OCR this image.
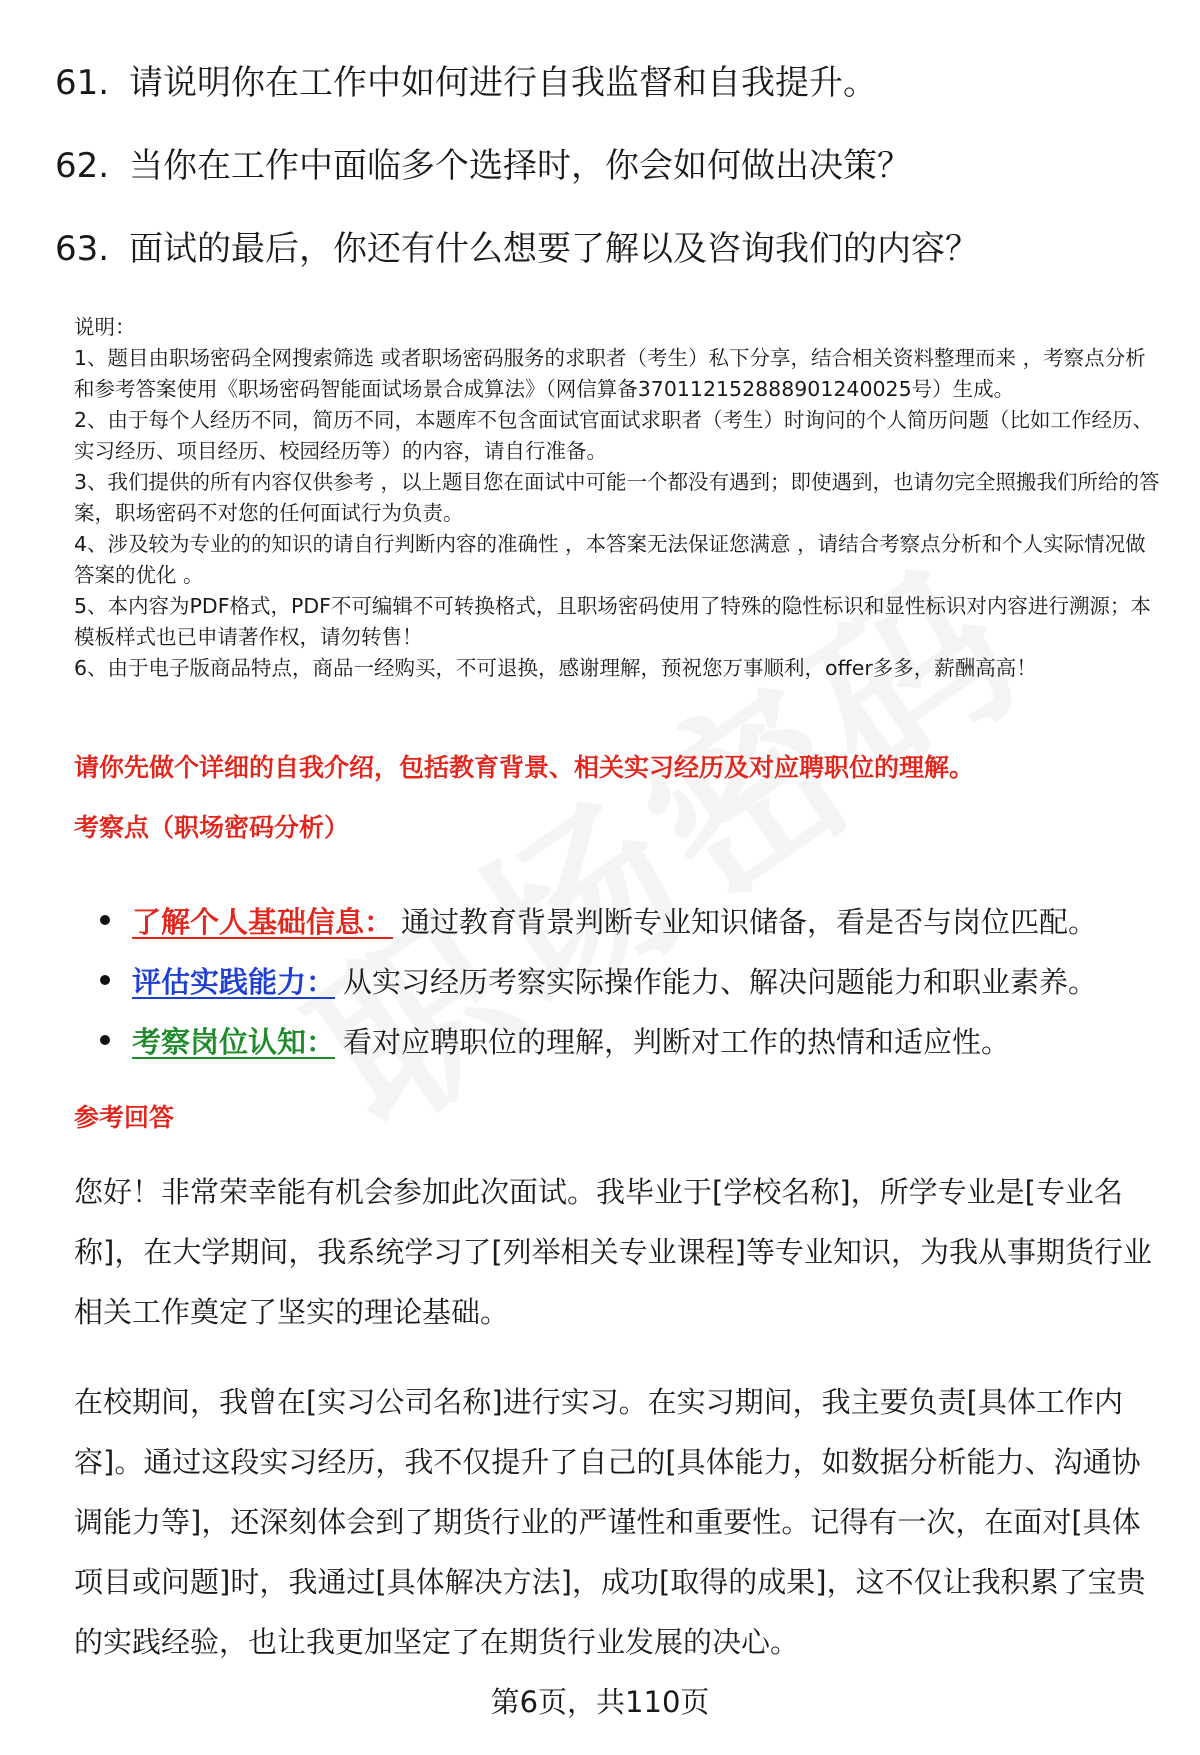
61. 请说明你在工作中如何进行自我监督和自我提升。
62. 当你在工作中面临多个选择时，你会如何做出决策？
63. 面试的最后，你还有什么想要了解以及咨询我们的内容？

说明：

1、题目由职场密码全网搜索筛选 或者职场密码服务的求职者（考生）私下分享，结合相关资料整理而来 ，考察点分析和参考答案使用《职场密码智能面试场景合成算法》（网信算备370112152888901240025号）生成。

2、由于每个人经历不同，简历不同，本题库不包含面试官面试求职者（考生）时询问的个人简历问题（比如工作经历、实习经历、项目经历、校园经历等）的内容，请自行准备。

3、我们提供的所有内容仅供参考 ，以上题目您在面试中可能一个都没有遇到；即使遇到，也请勿完全照搬我们所给的答案，职场密码不对您的任何面试行为负责。

4、涉及较为专业的的知识的请自行判断内容的准确性 ，本答案无法保证您满意 ，请结合考察点分析和个人实际情况做答案的优化 。

5、本内容为PDF格式，PDF不可编辑不可转换格式，且职场密码使用了特殊的隐性标识和显性标识对内容进行溯源；本模板样式也已申请著作权，请勿转售！

6、由于电子版商品特点，商品一经购买，不可退换，感谢理解，预祝您万事顺利，offer多多，薪酬高高！

请你先做个详细的自我介绍，包括教育背景、相关实习经历及对应聘职位的理解。
考察点（职场密码分析）
了解个人基础信息： 通过教育背景判断专业知识储备，看是否与岗位匹配。
评估实践能力： 从实习经历考察实际操作能力、解决问题能力和职业素养。
考察岗位认知： 看对应聘职位的理解，判断对工作的热情和适应性。
参考回答

您好！非常荣幸能有机会参加此次面试。我毕业于[学校名称]，所学专业是[专业名称]，在大学期间，我系统学习了[列举相关专业课程]等专业知识，为我从事期货行业相关工作奠定了坚实的理论基础。

在校期间，我曾在[实习公司名称]进行实习。在实习期间，我主要负责[具体工作内容]。通过这段实习经历，我不仅提升了自己的[具体能力，如数据分析能力、沟通协调能力等]，还深刻体会到了期货行业的严谨性和重要性。记得有一次，在面对[具体项目或问题]时，我通过[具体解决方法]，成功[取得的成果]，这不仅让我积累了宝贵的实践经验，也让我更加坚定了在期货行业发展的决心。

第6页，共110页
